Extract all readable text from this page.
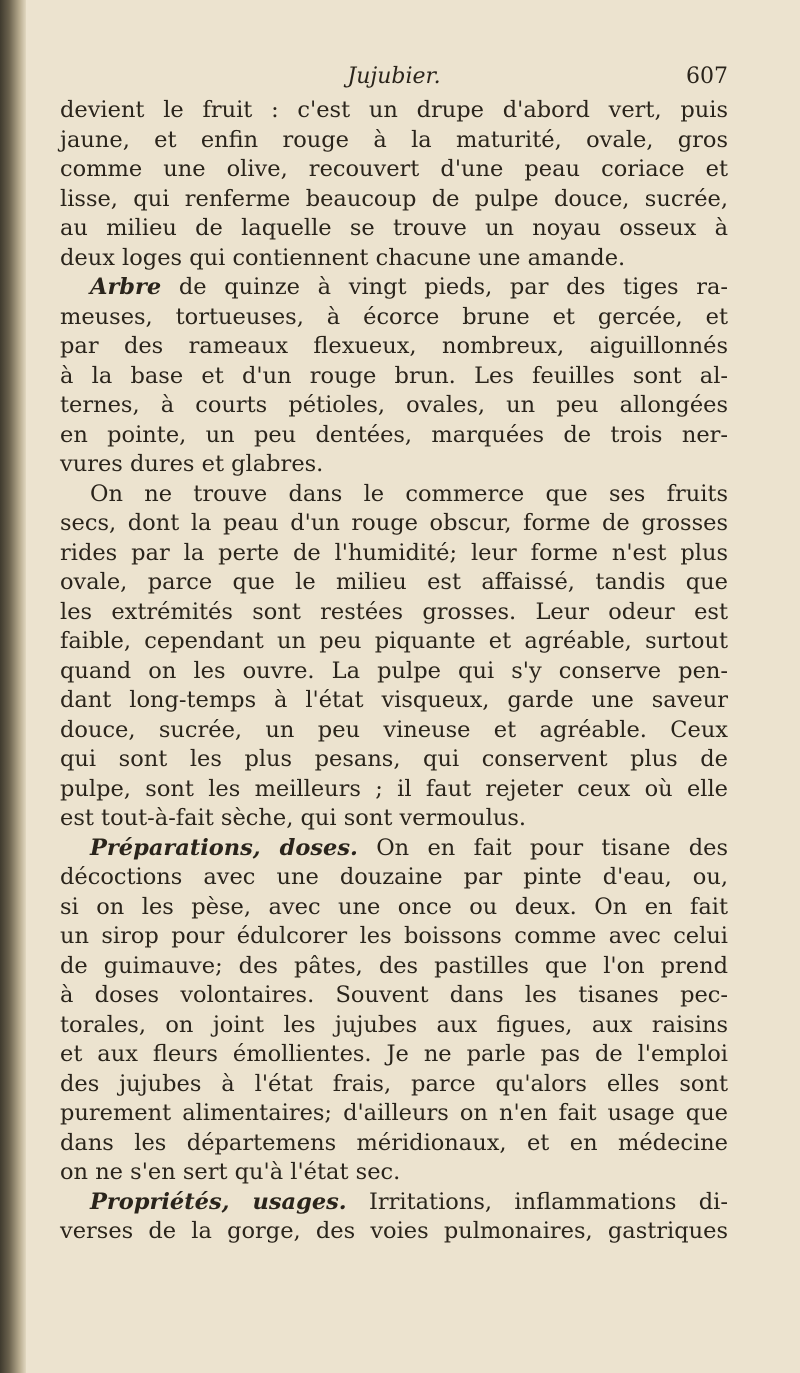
Jujubier.	607
devient le fruit : c'est un drupe d'abord vert, puis
jaune, et enfin rouge à la maturité, ovale, gros
comme une olive, recouvert d'une peau coriace et
lisse, qui renferme beaucoup de pulpe douce, sucrée,
au milieu de laquelle se trouve un noyau osseux à
deux loges qui contiennent chacune une amande.
Arbre de quinze à vingt pieds, par des tiges ra-
meuses, tortueuses, à écorce brune et gercée, et
par des rameaux flexueux, nombreux, aiguillonnés
à la base et d'un rouge brun. Les feuilles sont al-
ternes, à courts pétioles, ovales, un peu allongées
en pointe, un peu dentées, marquées de trois ner-
vures dures et glabres.
On ne trouve dans le commerce que ses fruits
secs, dont la peau d'un rouge obscur, forme de grosses
rides par la perte de l'humidité; leur forme n'est plus
ovale, parce que le milieu est affaissé, tandis que
les extrémités sont restées grosses. Leur odeur est
faible, cependant un peu piquante et agréable, surtout
quand on les ouvre. La pulpe qui s'y conserve pen-
dant long-temps à l'état visqueux, garde une saveur
douce, sucrée, un peu vineuse et agréable. Ceux
qui sont les plus pesans, qui conservent plus de
pulpe, sont les meilleurs ; il faut rejeter ceux où elle
est tout-à-fait sèche, qui sont vermoulus.
Préparations, doses. On en fait pour tisane des
décoctions avec une douzaine par pinte d'eau, ou,
si on les pèse, avec une once ou deux. On en fait
un sirop pour édulcorer les boissons comme avec celui
de guimauve; des pâtes, des pastilles que l'on prend
à doses volontaires. Souvent dans les tisanes pec-
torales, on joint les jujubes aux figues, aux raisins
et aux fleurs émollientes. Je ne parle pas de l'emploi
des jujubes à l'état frais, parce qu'alors elles sont
purement alimentaires; d'ailleurs on n'en fait usage que
dans les départemens méridionaux, et en médecine
on ne s'en sert qu'à l'état sec.
Propriétés, usages. Irritations, inflammations di-
verses de la gorge, des voies pulmonaires, gastriques
